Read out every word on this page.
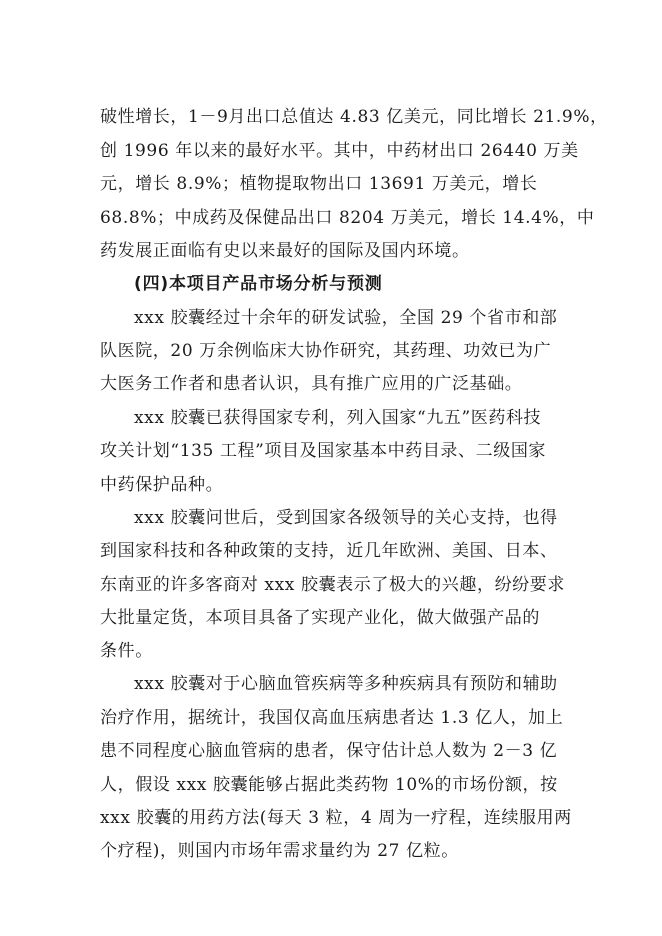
破性增长，1－9月出口总值达 4.83 亿美元，同比增长 21.9%，
创 1996 年以来的最好水平。其中，中药材出口 26440 万美
元，增长 8.9%；植物提取物出口 13691 万美元，增长
68.8%；中成药及保健品出口 8204 万美元，增长 14.4%，中
药发展正面临有史以来最好的国际及国内环境。
(四)本项目产品市场分析与预测
xxx 胶囊经过十余年的研发试验，全国 29 个省市和部
队医院，20 万余例临床大协作研究，其药理、功效已为广
大医务工作者和患者认识，具有推广应用的广泛基础。
xxx 胶囊已获得国家专利，列入国家“九五”医药科技
攻关计划“135 工程”项目及国家基本中药目录、二级国家
中药保护品种。
xxx 胶囊问世后，受到国家各级领导的关心支持，也得
到国家科技和各种政策的支持，近几年欧洲、美国、日本、
东南亚的许多客商对 xxx 胶囊表示了极大的兴趣，纷纷要求
大批量定货，本项目具备了实现产业化，做大做强产品的
条件。
xxx 胶囊对于心脑血管疾病等多种疾病具有预防和辅助
治疗作用，据统计，我国仅高血压病患者达 1.3 亿人，加上
患不同程度心脑血管病的患者，保守估计总人数为 2－3 亿
人，假设 xxx 胶囊能够占据此类药物 10%的市场份额，按
xxx 胶囊的用药方法(每天 3 粒，4 周为一疗程，连续服用两
个疗程)，则国内市场年需求量约为 27 亿粒。
